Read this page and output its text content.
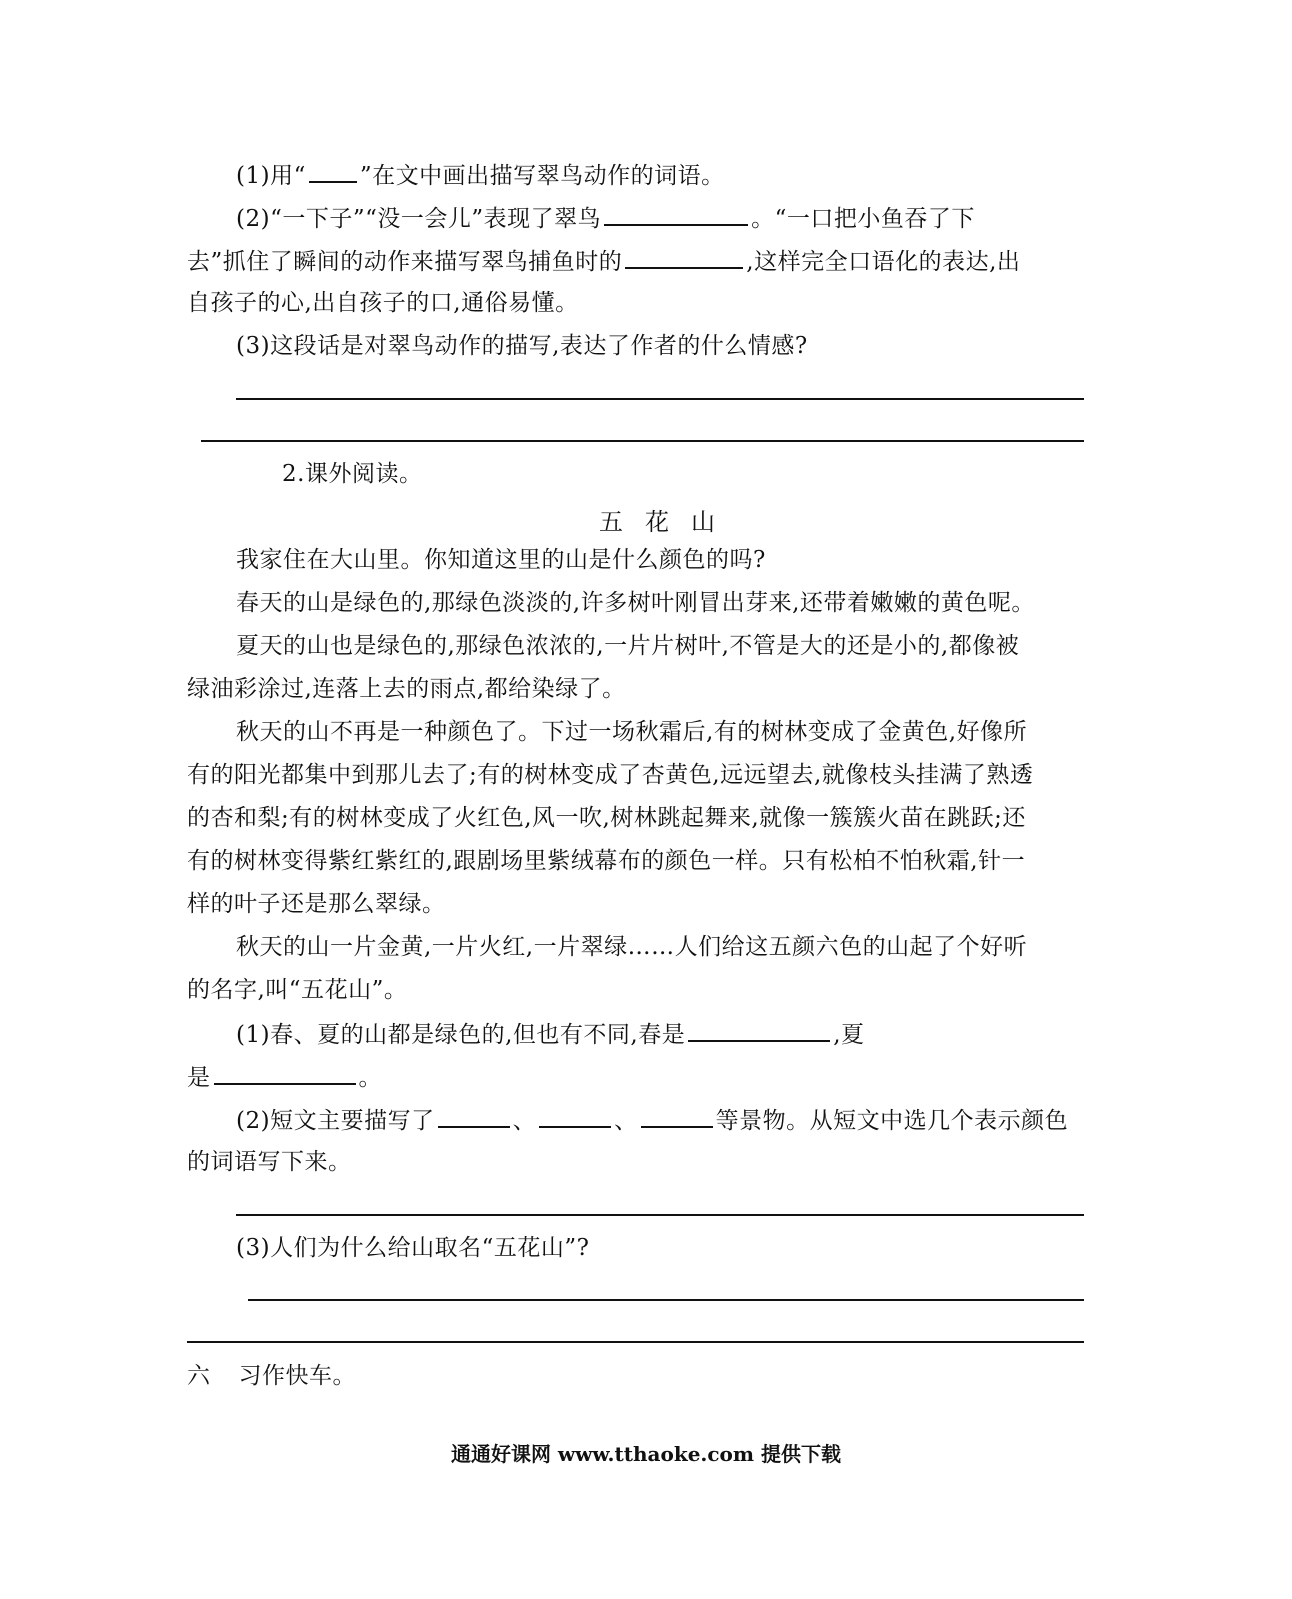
(1)用“ ”在文中画出描写翠鸟动作的词语。
(2)“一下子”“没一会儿”表现了翠鸟	。“一口把小鱼吞了下
去”抓住了瞬间的动作来描写翠鸟捕鱼时的	,这样完全口语化的表达,出
自孩子的心,出自孩子的口,通俗易懂。
(3)这段话是对翠鸟动作的描写,表达了作者的什么情感?
2.课外阅读。
五花山
我家住在大山里。你知道这里的山是什么颜色的吗?
春天的山是绿色的,那绿色淡淡的,许多树叶刚冒出芽来,还带着嫩嫩的黄色呢。
夏天的山也是绿色的,那绿色浓浓的,一片片树叶,不管是大的还是小的,都像被
绿油彩涂过,连落上去的雨点,都给染绿了。
秋天的山不再是一种颜色了。下过一场秋霜后,有的树林变成了金黄色,好像所
有的阳光都集中到那儿去了;有的树林变成了杏黄色,远远望去,就像枝头挂满了熟透
的杏和梨;有的树林变成了火红色,风一吹,树林跳起舞来,就像一簇簇火苗在跳跃;还
有的树林变得紫红紫红的,跟剧场里紫绒幕布的颜色一样。只有松柏不怕秋霜,针一
样的叶子还是那么翠绿。
秋天的山一片金黄,一片火红,一片翠绿……人们给这五颜六色的山起了个好听
的名字,叫“五花山”。
(1)春、夏的山都是绿色的,但也有不同,春是	,夏
是	。
(2)短文主要描写了	、	、	等景物。从短文中选几个表示颜色
的词语写下来。
(3)人们为什么给山取名“五花山”?
六 习作快车。
通通好课网 www.tthaoke.com 提供下载
